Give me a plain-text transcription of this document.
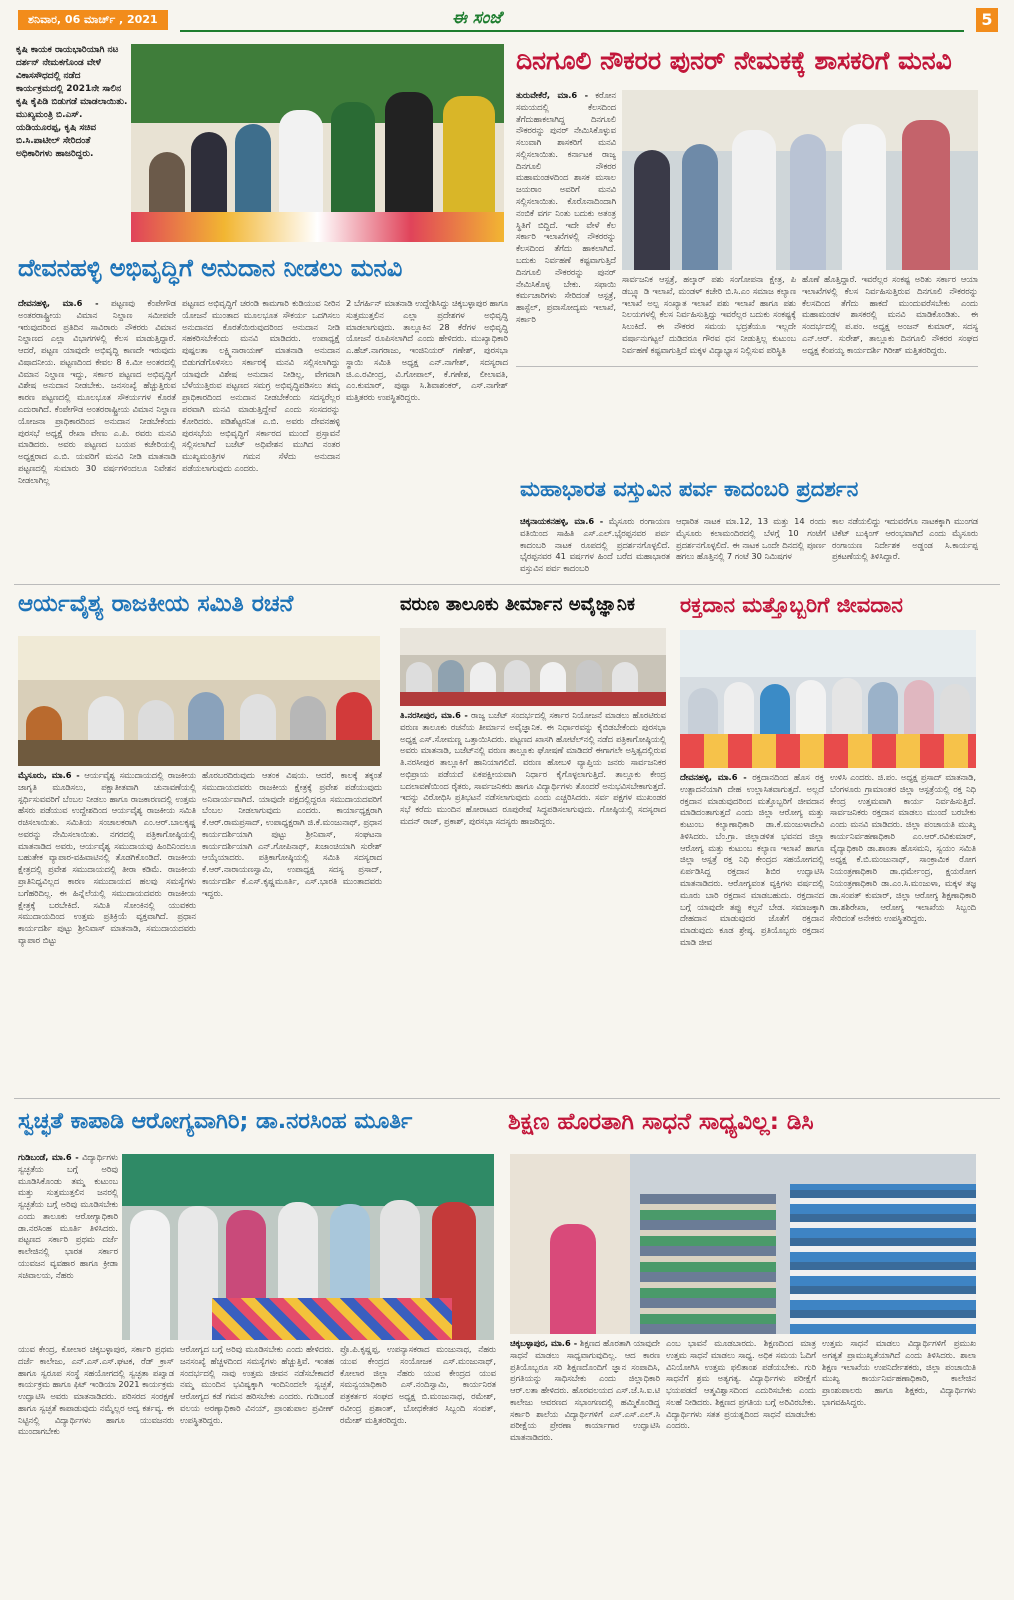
ಶನಿವಾರ, 06 ಮಾರ್ಚ್ , 2021	ಈ ಸಂಜೆ	5
ಕೃಷಿ ಕಾಯಕ ರಾಯಭಾರಿಯಾಗಿ ನಟ ದರ್ಶನ್ ನೇಮಕಗೊಂಡ ವೇಳೆ ವಿಕಾಸಸೌಧದಲ್ಲಿ ನಡೆದ ಕಾರ್ಯಕ್ರಮದಲ್ಲಿ 2021ನೇ ಸಾಲಿನ ಕೃಷಿ ಕೈಪಿಡಿ ಬಿಡುಗಡೆ ಮಾಡಲಾಯಿತು. ಮುಖ್ಯಮಂತ್ರಿ ಬಿ.ಎಸ್. ಯಡಿಯೂರಪ್ಪ, ಕೃಷಿ ಸಚಿವ ಬಿ.ಸಿ.ಪಾಟೀಲ್ ಸೇರಿದಂತೆ ಅಧಿಕಾರಿಗಳು ಹಾಜರಿದ್ದರು.
ದಿನಗೂಲಿ ನೌಕರರ ಪುನರ್ ನೇಮಕಕ್ಕೆ ಶಾಸಕರಿಗೆ ಮನವಿ
ತುರುವೇಕೆರೆ, ಮಾ.6 - ಕರೋನ ಸಮಯದಲ್ಲಿ ಕೆಲಸದಿಂದ ತೆಗೆದುಹಾಕಲಾಗಿದ್ದ ದಿನಗೂಲಿ ನೌಕರರನ್ನು ಪುನರ್ ನೇಮಿಸಿಕೊಳ್ಳುವ ಸಲುವಾಗಿ ಶಾಸಕರಿಗೆ ಮನವಿ ಸಲ್ಲಿಸಲಾಯಿತು. ಕರ್ನಾಟಕ ರಾಜ್ಯ ದಿನಗೂಲಿ ನೌಕರರ ಮಹಾಮಂಡಳದಿಂದ ಶಾಸಕ ಮಸಾಲ ಜಯರಾಂ ಅವರಿಗೆ ಮನವಿ ಸಲ್ಲಿಸಲಾಯಿತು. ಕೊರೊನಾದಿಂದಾಗಿ ನಂಬಿಕೆ ವರ್ಗ ನಿಂತು ಬದುಕು ಅತಂತ್ರ ಸ್ಥಿತಿಗೆ ಬಿದ್ದಿದೆ. ಇದೇ ವೇಳೆ ಕೆಲ ಸರ್ಕಾರಿ ಇಲಾಖೆಗಳಲ್ಲಿ ನೌಕರರನ್ನು ಕೆಲಸದಿಂದ ತೆಗೆದು ಹಾಕಲಾಗಿದೆ. ಬದುಕು ನಿರ್ವಹಣೆ ಕಷ್ಟವಾಗುತ್ತಿದೆ ದಿನಗೂಲಿ ನೌಕರರನ್ನು ಪುನರ್ ನೇಮಿಸಿಕೊಳ್ಳ ಬೇಕು. ಸಫಾಯಿ ಕರ್ಮಚಾರಿಗಳು ಸೇರಿದಂತೆ ಆಸ್ಪತ್ರೆ, ಹಾಸ್ಟೆಲ್, ಪ್ರವಾಸೋದ್ಯಮ ಇಲಾಖೆ, ಸರ್ಕಾರಿ
ಸಾರ್ವಜನಿಕ ಆಸ್ಪತ್ರೆ, ಹಲ್ಕಾರ್ ಪಶು ಸಂಗೋಪನಾ ಕ್ಷೇತ್ರ, ಪಿ ಡಬ್ಲ್ಯೂ ಡಿ ಇಲಾಖೆ, ಮಂಡಳ್ ಕಚೇರಿ ಬಿ.ಸಿ.ಎಂ ಸಮಾಜ ಕಲ್ಯಾಣ ಇಲಾಖೆ ಅಲ್ಪ ಸಂಖ್ಯಾತ ಇಲಾಖೆ ಪಶು ಇಲಾಖೆ ಹಾಗೂ ಪಶು ನಿಲಯಗಳಲ್ಲಿ ಕೆಲಸ ನಿರ್ವಹಿಸುತ್ತಿದ್ದು ಇವರೆಲ್ಲರ ಬದುಕು ಸಂಕಷ್ಟಕ್ಕೆ ಸಿಲುಕಿದೆ. ಈ ನೌಕರರ ಸಮಯ ಭದ್ರತೆಯೂ ಇಲ್ಲದೇ ವರ್ಷಾನುಗಟ್ಟಲೆ ದುಡಿದರೂ ಗೌರವ ಧನ ನೀಡುತ್ತಿಲ್ಲ ಕುಟುಂಬ ನಿರ್ವಹಣೆ ಕಷ್ಟವಾಗುತ್ತಿದೆ ಮಕ್ಕಳ ವಿದ್ಯಾಭ್ಯಾಸ ನಿಲ್ಲಿಸುವ ಪರಿಸ್ಥಿತಿ
ಹೊಣೆ ಹೊತ್ತಿದ್ದಾರೆ. ಇವರೆಲ್ಲರ ಸಂಕಷ್ಟ ಅರಿತು ಸರ್ಕಾರ ಆಯಾ ಇಲಾಖೆಗಳಲ್ಲಿ ಕೆಲಸ ನಿರ್ವಹಿಸುತ್ತಿರುವ ದಿನಗೂಲಿ ನೌಕರರನ್ನು ಕೆಲಸದಿಂದ ತೆಗೆದು ಹಾಕದೆ ಮುಂದುವರೆಸಬೇಕು ಎಂದು ಮಹಾಮಂಡಳ ಶಾಸಕರಲ್ಲಿ ಮನವಿ ಮಾಡಿಕೊಂಡಿತು. ಈ ಸಂದರ್ಭದಲ್ಲಿ ಪ.ಪಂ. ಅಧ್ಯಕ್ಷ ಅಂಜನ್ ಕುಮಾರ್, ಸದಸ್ಯ ಎನ್.ಆರ್. ಸುರೇಶ್, ತಾಲ್ಲೂಕು ದಿನಗೂಲಿ ನೌಕರರ ಸಂಘದ ಅಧ್ಯಕ್ಷ ಕೆಂಪಯ್ಯ ಕಾರ್ಯದರ್ಶಿ ಗಿರೀಶ್ ಮತ್ತಿತರರಿದ್ದರು.
ದೇವನಹಳ್ಳಿ ಅಭಿವೃದ್ಧಿಗೆ ಅನುದಾನ ನೀಡಲು ಮನವಿ
ದೇವನಹಳ್ಳಿ, ಮಾ.6 - ಪಟ್ಟಣವು ಕೆಂಪೇಗೌಡ ಅಂತರರಾಷ್ಟ್ರೀಯ ವಿಮಾನ ನಿಲ್ದಾಣ ಸಮೀಪವೇ ಇರುವುದರಿಂದ ಪ್ರತಿದಿನ ಸಾವಿರಾರು ನೌಕರರು ವಿಮಾನ ನಿಲ್ದಾಣದ ಎಲ್ಲಾ ವಿಭಾಗಗಳಲ್ಲಿ ಕೆಲಸ ಮಾಡುತ್ತಿದ್ದಾರೆ. ಆದರೆ, ಪಟ್ಟಣ ಯಾವುದೇ ಅಭಿವೃದ್ಧಿ ಕಾಣದೇ ಇರುವುದು ವಿಷಾದನೀಯ. ಪಟ್ಟಣದಿಂದ ಕೇವಲ 8 ಕಿ.ಮೀ ಅಂತರದಲ್ಲಿ ವಿಮಾನ ನಿಲ್ದಾಣ ಇದ್ದು, ಸರ್ಕಾರ ಪಟ್ಟಣದ ಅಭಿವೃದ್ಧಿಗೆ ವಿಶೇಷ ಅನುದಾನ ನೀಡಬೇಕು. ಜನಸಂಖ್ಯೆ ಹೆಚ್ಚುತ್ತಿರುವ ಕಾರಣ ಪಟ್ಟಣದಲ್ಲಿ ಮೂಲಭೂತ ಸೌಕರ್ಯಗಳ ಕೊರತೆ ಎದುರಾಗಿದೆ. ಕೆಂಪೇಗೌಡ ಅಂತರರಾಷ್ಟ್ರೀಯ ವಿಮಾನ ನಿಲ್ದಾಣ ಯೋಜನಾ ಪ್ರಾಧಿಕಾರದಿಂದ ಅನುದಾನ ನೀಡಬೇಕೆಂದು ಪುರಸಭೆ ಅಧ್ಯಕ್ಷೆ ರೇಖಾ ವೇಣು ಎ.ಪಿ. ರವರು ಮನವಿ ಮಾಡಿದರು. ಅವರು ಪಟ್ಟಣದ ಬಯಪ ಕಚೇರಿಯಲ್ಲಿ ಅಧ್ಯಕ್ಷರಾದ ಎ.ಬಿ. ಯವರಿಗೆ ಮನವಿ ನೀಡಿ ಮಾತನಾಡಿ ಪಟ್ಟಣದಲ್ಲಿ ಸುಮಾರು 30 ವರ್ಷಗಳಿಂದಲೂ ನಿವೇಶನ ನೀಡಲಾಗಿಲ್ಲ
ಪಟ್ಟಣದ ಅಭಿವೃದ್ಧಿಗೆ ಚರಂಡಿ ಕಾಮಗಾರಿ ಕುಡಿಯುವ ನೀರಿನ ಯೋಜನೆ ಮುಂತಾದ ಮೂಲಭೂತ ಸೌಕರ್ಯ ಒದಗಿಸಲು ಅನುದಾನದ ಕೊರತೆಯಿರುವುದರಿಂದ ಅನುದಾನ ನೀಡಿ ಸಹಕರಿಸಬೇಕೆಂದು ಮನವಿ ಮಾಡಿದರು. ಉಪಾಧ್ಯಕ್ಷೆ ಪುಷ್ಪಲತಾ ಲಕ್ಷ್ಮಿನಾರಾಯಣ್ ಮಾತನಾಡಿ ಅನುದಾನ ಬಿಡುಗಡೆಗೊಳಿಸಲು ಸರ್ಕಾರಕ್ಕೆ ಮನವಿ ಸಲ್ಲಿಸಲಾಗಿದ್ದು ಯಾವುದೇ ವಿಶೇಷ ಅನುದಾನ ನೀಡಿಲ್ಲ, ವೇಗವಾಗಿ ಬೆಳೆಯುತ್ತಿರುವ ಪಟ್ಟಣದ ಸಮಗ್ರ ಅಭಿವೃದ್ಧಿಪಡಿಸಲು ತಮ್ಮ ಪ್ರಾಧಿಕಾರದಿಂದ ಅನುದಾನ ನೀಡಬೇಕೆಂದು ಸದಸ್ಯರೆಲ್ಲರ ಪರವಾಗಿ ಮನವಿ ಮಾಡುತ್ತಿದ್ದೇವೆ ಎಂದು ಸಂಸದರನ್ನು ಕೋರಿದರು. ಪಡಿಶೆಟ್ಟರನಿತ ಎ.ಬಿ. ಅವರು ದೇವನಹಳ್ಳಿ ಪುರಸಭೆಯ ಅಭಿವೃದ್ಧಿಗೆ ಸರ್ಕಾರದ ಮುಂದೆ ಪ್ರಸ್ತಾವನೆ ಸಲ್ಲಿಸಲಾಗಿದೆ ಬಜೆಟ್ ಅಧಿವೇಶನ ಮುಗಿದ ನಂತರ ಮುಖ್ಯಮಂತ್ರಿಗಳ ಗಮನ ಸೆಳೆದು ಅನುದಾನ ಪಡೆಯಲಾಗುವುದು ಎಂದರು.
2 ಬೆಗರ್ಹಿನ್ ಮಾತನಾಡಿ ಉದ್ದೇಶಿಸಿದ್ದು ಚಿಕ್ಕಬಳ್ಳಾಪುರ ಹಾಗೂ ಸುತ್ತಮುತ್ತಲಿನ ಎಲ್ಲಾ ಪ್ರದೇಶಗಳ ಅಭಿವೃದ್ಧಿ ಮಾಡಲಾಗುವುದು. ತಾಲ್ಲೂಕಿನ 28 ಕೆರೆಗಳ ಅಭಿವೃದ್ಧಿ ಯೋಜನೆ ರೂಪಿಸಲಾಗಿದೆ ಎಂದು ಹೇಳಿದರು. ಮುಖ್ಯಾಧಿಕಾರಿ ಎ.ಹೆಚ್.ನಾಗರಾಜು, ಇಂಜಿನಿಯರ್ ಗಣೇಶ್, ಪುರಸಭಾ ಸ್ಥಾಯಿ ಸಮಿತಿ ಅಧ್ಯಕ್ಷ ಎನ್.ನಾಗೇಶ್, ಸದಸ್ಯರಾದ ಜಿ.ಎ.ರವೀಂದ್ರ, ವಿ.ಗೋಪಾಲ್, ಕೆ.ಗಣೇಶ, ಲೀಲಾವತಿ, ಎಂ.ಕುಮಾರ್, ಪುಷ್ಪಾ ಸಿ.ಶಿವಾಶಂಕರ್, ಎಸ್.ನಾಗೇಶ್ ಮತ್ತಿತರರು ಉಪಸ್ಥಿತರಿದ್ದರು.
ಮಹಾಭಾರತ ವಸ್ತುವಿನ ಪರ್ವ ಕಾದಂಬರಿ ಪ್ರದರ್ಶನ
ಚಿಕ್ಕನಾಯಕನಹಳ್ಳಿ, ಮಾ.6 - ಮೈಸೂರು ರಂಗಾಯಣ ವತಿಯಿಂದ ಸಾಹಿತಿ ಎಸ್.ಎಲ್.ಭೈರಪ್ಪನವರ ಪರ್ವ ಕಾದಂಬರಿ ನಾಟಕ ರೂಪದಲ್ಲಿ ಪ್ರದರ್ಶನಗೊಳ್ಳಲಿದೆ. ಭೈರಪ್ಪನವರ 41 ವರ್ಷಗಳ ಹಿಂದೆ ಬರೆದ ಮಹಾಭಾರತ ವಸ್ತುವಿನ ಪರ್ವ ಕಾದಂಬರಿ
ಆಧಾರಿತ ನಾಟಕ ಮಾ.12, 13 ಮತ್ತು 14 ರಂದು ಮೈಸೂರು ಕಲಾಮಂದಿರದಲ್ಲಿ ಬೆಳಗ್ಗೆ 10 ಗಂಟೆಗೆ ಪ್ರದರ್ಶನಗೊಳ್ಳಲಿದೆ. ಈ ನಾಟಕ ಒಂದೇ ದಿನದಲ್ಲಿ ಪೂರ್ಣ ಹಗಲು ಹೊತ್ತಿನಲ್ಲಿ 7 ಗಂಟೆ 30 ನಿಮಿಷಗಳ
ಕಾಲ ನಡೆಯಲಿದ್ದು ಇದುವರೆಗೂ ನಾಟಕಕ್ಕಾಗಿ ಮುಂಗಡ ಟಿಕೆಟ್ ಬುಕ್ಕಿಂಗ್ ಆರಂಭವಾಗಿದೆ ಎಂದು ಮೈಸೂರು ರಂಗಾಯಣ ನಿರ್ದೇಶಕ ಅಡ್ಡಂಡ ಸಿ.ಕಾರ್ಯಪ್ಪ ಪ್ರಕಟಣೆಯಲ್ಲಿ ತಿಳಿಸಿದ್ದಾರೆ.
ಆರ್ಯವೈಶ್ಯ ರಾಜಕೀಯ ಸಮಿತಿ ರಚನೆ
ಮೈಸೂರು, ಮಾ.6 - ಆರ್ಯವೈಶ್ಯ ಸಮುದಾಯದಲ್ಲಿ ರಾಜಕೀಯ ಜಾಗೃತಿ ಮೂಡಿಸಲು, ಪಕ್ಷಾತೀತವಾಗಿ ಚುನಾವಣೆಯಲ್ಲಿ ಸ್ಪರ್ಧಿಸುವವರಿಗೆ ಬೆಂಬಲ ನೀಡಲು ಹಾಗೂ ರಾಜಕಾರಣದಲ್ಲಿ ಉತ್ತಮ ಹೆಸರು ಪಡೆಯುವ ಉದ್ದೇಶದಿಂದ ಆರ್ಯವೈಶ್ಯ ರಾಜಕೀಯ ಸಮಿತಿ ರಚಿಸಲಾಯಿತು. ಸಮಿತಿಯ ಸಂಚಾಲಕರಾಗಿ ಎಂ.ಆರ್.ಬಾಲಕೃಷ್ಣ ಅವರನ್ನು ನೇಮಿಸಲಾಯಿತು. ನಗರದಲ್ಲಿ ಪತ್ರಿಕಾಗೋಷ್ಠಿಯಲ್ಲಿ ಮಾತನಾಡಿದ ಅವರು, ಆರ್ಯವೈಶ್ಯ ಸಮುದಾಯವು ಹಿಂದಿನಿಂದಲೂ ಬಹುತೇಕ ವ್ಯಾಪಾರ-ವಹಿವಾಟಿನಲ್ಲಿ ತೊಡಗಿಕೊಂಡಿದೆ. ರಾಜಕೀಯ ಕ್ಷೇತ್ರದಲ್ಲಿ ಪ್ರವೇಶ ಸಮುದಾಯದಲ್ಲಿ ತೀರಾ ಕಡಿಮೆ. ರಾಜಕೀಯ ಪ್ರಾತಿನಿಧ್ಯವಿಲ್ಲದ ಕಾರಣ ಸಮುದಾಯದ ಹಲವು ಸಮಸ್ಯೆಗಳು ಬಗೆಹರಿದಿಲ್ಲ. ಈ ಹಿನ್ನೆಲೆಯಲ್ಲಿ ಸಮುದಾಯದವರು ರಾಜಕೀಯ ಕ್ಷೇತ್ರಕ್ಕೆ ಬರಬೇಕಿದೆ. ಸಮಿತಿ ಸೋಂಕಿನಲ್ಲಿ ಯುವಕರು ಸಮುದಾಯದಿಂದ ಉತ್ತಮ ಪ್ರತಿಕ್ರಿಯೆ ವ್ಯಕ್ತವಾಗಿದೆ. ಪ್ರಧಾನ ಕಾರ್ಯದರ್ಶಿ ಪುಟ್ಟು ಶ್ರೀನಿವಾಸ್ ಮಾತನಾಡಿ, ಸಮುದಾಯದವರು ವ್ಯಾಪಾರ ಬಿಟ್ಟು
ಹೊರಬರದಿರುವುದು ಆತಂಕ ವಿಷಯ. ಆದರೆ, ಕಾಲಕ್ಕೆ ತಕ್ಕಂತೆ ಸಮುದಾಯದವರು ರಾಜಕೀಯ ಕ್ಷೇತ್ರಕ್ಕೆ ಪ್ರವೇಶ ಪಡೆಯುವುದು ಅನಿವಾರ್ಯವಾಗಿದೆ. ಯಾವುದೇ ಪಕ್ಷದಲ್ಲಿದ್ದರೂ ಸಮುದಾಯದವರಿಗೆ ಬೆಂಬಲ ನೀಡಲಾಗುವುದು ಎಂದರು. ಕಾರ್ಯಾಧ್ಯಕ್ಷರಾಗಿ ಕೆ.ಆರ್.ರಾಮಪ್ರಸಾದ್, ಉಪಾಧ್ಯಕ್ಷರಾಗಿ ಜಿ.ಕೆ.ಮಂಜುನಾಥ್, ಪ್ರಧಾನ ಕಾರ್ಯದರ್ಶಿಯಾಗಿ ಪುಟ್ಟು ಶ್ರೀನಿವಾಸ್, ಸಂಘಟನಾ ಕಾರ್ಯದರ್ಶಿಯಾಗಿ ಎನ್.ಗೋಪಿನಾಥ್, ಖಜಾಂಚಿಯಾಗಿ ಸುರೇಶ್ ಆಯ್ಕೆಯಾದರು. ಪತ್ರಿಕಾಗೋಷ್ಠಿಯಲ್ಲಿ ಸಮಿತಿ ಸದಸ್ಯರಾದ ಕೆ.ಆರ್.ನಾರಾಯಣಸ್ವಾಮಿ, ಉಪಾಧ್ಯಕ್ಷ ಸದಸ್ಯ ಪ್ರಸಾದ್, ಕಾರ್ಯದರ್ಶಿ ಕೆ.ಎಸ್.ಕೃಷ್ಣಮೂರ್ತಿ, ಎಸ್.ಭಾರತಿ ಮುಂತಾದವರು ಇದ್ದರು.
ವರುಣ ತಾಲೂಕು ತೀರ್ಮಾನ ಅವೈಜ್ಞಾನಿಕ
ತಿ.ನರಸೀಪುರ, ಮಾ.6 - ರಾಜ್ಯ ಬಜೆಟ್ ಸಂದರ್ಭದಲ್ಲಿ ಸರ್ಕಾರ ನಿಯೋಜನೆ ಮಾಡಲು ಹೊರಟಿರುವ ವರುಣ ತಾಲೂಕು ರಚನೆಯ ತೀರ್ಮಾನ ಅವೈಜ್ಞಾನಿಕ. ಈ ನಿರ್ಧಾರವನ್ನು ಕೈಬಿಡಬೇಕೆಂದು ಪುರಸಭಾ ಅಧ್ಯಕ್ಷ ಎಸ್.ಸೋಮಣ್ಣ ಒತ್ತಾಯಿಸಿದರು. ಪಟ್ಟಣದ ಖಾಸಗಿ ಹೋಟೆಲ್‌ನಲ್ಲಿ ನಡೆದ ಪತ್ರಿಕಾಗೋಷ್ಠಿಯಲ್ಲಿ ಅವರು ಮಾತನಾಡಿ, ಬಜೆಟ್‌ನಲ್ಲಿ ವರುಣ ತಾಲ್ಲೂಕು ಘೋಷಣೆ ಮಾಡಿದರೆ ಈಗಾಗಲೇ ಅಸ್ತಿತ್ವದಲ್ಲಿರುವ ತಿ.ನರಸೀಪುರ ತಾಲ್ಲೂಕಿಗೆ ಹಾನಿಯಾಗಲಿದೆ. ವರುಣ ಹೋಬಳಿ ವ್ಯಾಪ್ತಿಯ ಜನರು ಸಾರ್ವಜನಿಕರ ಅಭಿಪ್ರಾಯ ಪಡೆಯದೆ ಏಕಪಕ್ಷೀಯವಾಗಿ ನಿರ್ಧಾರ ಕೈಗೊಳ್ಳಲಾಗುತ್ತಿದೆ. ತಾಲ್ಲೂಕು ಕೇಂದ್ರ ಬದಲಾವಣೆಯಿಂದ ರೈತರು, ಸಾರ್ವಜನಿಕರು ಹಾಗೂ ವಿದ್ಯಾರ್ಥಿಗಳು ತೊಂದರೆ ಅನುಭವಿಸಬೇಕಾಗುತ್ತದೆ. ಇದನ್ನು ವಿರೋಧಿಸಿ ಪ್ರತಿಭಟನೆ ನಡೆಸಲಾಗುವುದು ಎಂದು ಎಚ್ಚರಿಸಿದರು. ಸರ್ವ ಪಕ್ಷಗಳ ಮುಖಂಡರ ಸಭೆ ಕರೆದು ಮುಂದಿನ ಹೋರಾಟದ ರೂಪುರೇಷೆ ಸಿದ್ಧಪಡಿಸಲಾಗುವುದು. ಗೋಷ್ಠಿಯಲ್ಲಿ ಸದಸ್ಯರಾದ ಮದನ್ ರಾಜ್, ಪ್ರಕಾಶ್, ಪುರಸಭಾ ಸದಸ್ಯರು ಹಾಜರಿದ್ದರು.
ರಕ್ತದಾನ ಮತ್ತೊಬ್ಬರಿಗೆ ಜೀವದಾನ
ದೇವನಹಳ್ಳಿ, ಮಾ.6 - ರಕ್ತದಾನದಿಂದ ಹೊಸ ರಕ್ತ ಉತ್ಪಾದನೆಯಾಗಿ ದೇಹ ಉಲ್ಲಾಸಿತವಾಗುತ್ತದೆ. ಅಲ್ಲದೆ ರಕ್ತದಾನ ಮಾಡುವುದರಿಂದ ಮತ್ತೊಬ್ಬರಿಗೆ ಜೀವದಾನ ಮಾಡಿದಂತಾಗುತ್ತದೆ ಎಂದು ಜಿಲ್ಲಾ ಆರೋಗ್ಯ ಮತ್ತು ಕುಟುಂಬ ಕಲ್ಯಾಣಾಧಿಕಾರಿ ಡಾ.ಕೆ.ಮಂಜುಳಾದೇವಿ ತಿಳಿಸಿದರು. ಬೆಂ.ಗ್ರಾ. ಜಿಲ್ಲಾಡಳಿತ ಭವನದ ಜಿಲ್ಲಾ ಆರೋಗ್ಯ ಮತ್ತು ಕುಟುಂಬ ಕಲ್ಯಾಣ ಇಲಾಖೆ ಹಾಗೂ ಜಿಲ್ಲಾ ಆಸ್ಪತ್ರೆ ರಕ್ತ ನಿಧಿ ಕೇಂದ್ರದ ಸಹಯೋಗದಲ್ಲಿ ಏರ್ಪಡಿಸಿದ್ದ ರಕ್ತದಾನ ಶಿಬಿರ ಉದ್ಘಾಟಿಸಿ ಮಾತನಾಡಿದರು. ಆರೋಗ್ಯವಂತ ವ್ಯಕ್ತಿಗಳು ವರ್ಷದಲ್ಲಿ ಮೂರು ಬಾರಿ ರಕ್ತದಾನ ಮಾಡಬಹುದು. ರಕ್ತದಾನದ ಬಗ್ಗೆ ಯಾವುದೇ ತಪ್ಪು ಕಲ್ಪನೆ ಬೇಡ. ಸಮಾಜಕ್ಕಾಗಿ ದೇಹದಾನ ಮಾಡುವುದರ ಜೊತೆಗೆ ರಕ್ತದಾನ ಮಾಡುವುದು ಕೂಡ ಶ್ರೇಷ್ಠ. ಪ್ರತಿಯೊಬ್ಬರು ರಕ್ತದಾನ ಮಾಡಿ ಜೀವ
ಉಳಿಸಿ ಎಂದರು. ಜಿ.ಪಂ. ಅಧ್ಯಕ್ಷ ಪ್ರಸಾದ್ ಮಾತನಾಡಿ, ಬೆಂಗಳೂರು ಗ್ರಾಮಾಂತರ ಜಿಲ್ಲಾ ಆಸ್ಪತ್ರೆಯಲ್ಲಿ ರಕ್ತ ನಿಧಿ ಕೇಂದ್ರ ಉತ್ತಮವಾಗಿ ಕಾರ್ಯ ನಿರ್ವಹಿಸುತ್ತಿದೆ. ಸಾರ್ವಜನಿಕರು ರಕ್ತದಾನ ಮಾಡಲು ಮುಂದೆ ಬರಬೇಕು ಎಂದು ಮನವಿ ಮಾಡಿದರು. ಜಿಲ್ಲಾ ಪಂಚಾಯತಿ ಮುಖ್ಯ ಕಾರ್ಯನಿರ್ವಹಣಾಧಿಕಾರಿ ಎಂ.ಆರ್.ರವಿಕುಮಾರ್, ವೈದ್ಯಾಧಿಕಾರಿ ಡಾ.ಶಾಂತಾ ಹೊಸಮನಿ, ಸ್ವಯಂ ಸಮಿತಿ ಅಧ್ಯಕ್ಷ ಕೆ.ಬಿ.ಮಂಜುನಾಥ್, ಸಾಂಕ್ರಾಮಿಕ ರೋಗ ನಿಯಂತ್ರಣಾಧಿಕಾರಿ ಡಾ.ಧರ್ಮೇಂದ್ರ, ಕ್ಷಯರೋಗ ನಿಯಂತ್ರಣಾಧಿಕಾರಿ ಡಾ.ಎಂ.ಸಿ.ಮಂಜುಳಾ, ಮಕ್ಕಳ ತಜ್ಞ ಡಾ.ಸಂಪತ್ ಕುಮಾರ್, ಜಿಲ್ಲಾ ಆರೋಗ್ಯ ಶಿಕ್ಷಣಾಧಿಕಾರಿ ಡಾ.ಶಶಿರೇಖಾ, ಆರೋಗ್ಯ ಇಲಾಖೆಯ ಸಿಬ್ಬಂದಿ ಸೇರಿದಂತೆ ಅನೇಕರು ಉಪಸ್ಥಿತರಿದ್ದರು.
ಸ್ವಚ್ಛತೆ ಕಾಪಾಡಿ ಆರೋಗ್ಯವಾಗಿರಿ; ಡಾ.ನರಸಿಂಹ ಮೂರ್ತಿ
ಗುಡಿಬಂಡೆ, ಮಾ.6 - ವಿದ್ಯಾರ್ಥಿಗಳು ಸ್ವಚ್ಛತೆಯ ಬಗ್ಗೆ ಅರಿವು ಮೂಡಿಸಿಕೊಂಡು ತಮ್ಮ ಕುಟುಂಬ ಮತ್ತು ಸುತ್ತಮುತ್ತಲಿನ ಜನರಲ್ಲಿ ಸ್ವಚ್ಛತೆಯ ಬಗ್ಗೆ ಅರಿವು ಮೂಡಿಸಬೇಕು ಎಂದು ತಾಲೂಕು ಆರೋಗ್ಯಾಧಿಕಾರಿ ಡಾ.ನರಸಿಂಹ ಮೂರ್ತಿ ತಿಳಿಸಿದರು. ಪಟ್ಟಣದ ಸರ್ಕಾರಿ ಪ್ರಥಮ ದರ್ಜೆ ಕಾಲೇಜಿನಲ್ಲಿ ಭಾರತ ಸರ್ಕಾರ ಯುವಜನ ವ್ಯವಹಾರ ಹಾಗೂ ಕ್ರೀಡಾ ಸಚಿವಾಲಯ, ನೆಹರು
ಯುವ ಕೇಂದ್ರ, ಕೋಲಾರ ಚಿಕ್ಕಬಳ್ಳಾಪುರ, ಸರ್ಕಾರಿ ಪ್ರಥಮ ದರ್ಜೆ ಕಾಲೇಜು, ಎನ್.ಎಸ್.ಎಸ್.ಘಟಕ, ರೆಡ್ ಕ್ರಾಸ್ ಹಾಗೂ ಸ್ವರೂಪ ಸಂಸ್ಥೆ ಸಹಯೋಗದಲ್ಲಿ ಸ್ವಚ್ಛತಾ ಪಖ್ವಾಡ ಕಾರ್ಯಕ್ರಮ ಹಾಗೂ ಫಿಟ್ ಇಂಡಿಯಾ 2021 ಕಾರ್ಯಕ್ರಮ ಉದ್ಘಾಟಿಸಿ ಅವರು ಮಾತನಾಡಿದರು. ಪರಿಸರದ ಸಂರಕ್ಷಣೆ ಹಾಗೂ ಸ್ವಚ್ಛತೆ ಕಾಪಾಡುವುದು ನಮ್ಮೆಲ್ಲರ ಆದ್ಯ ಕರ್ತವ್ಯ. ಈ ನಿಟ್ಟಿನಲ್ಲಿ ವಿದ್ಯಾರ್ಥಿಗಳು ಹಾಗೂ ಯುವಜನರು ಮುಂದಾಗಬೇಕು
ಆರೋಗ್ಯದ ಬಗ್ಗೆ ಅರಿವು ಮೂಡಿಸಬೇಕು ಎಂದು ಹೇಳಿದರು. ಜನಸಂಖ್ಯೆ ಹೆಚ್ಚಳದಿಂದ ಸಮಸ್ಯೆಗಳು ಹೆಚ್ಚುತ್ತಿವೆ. ಇಂತಹ ಸಂದರ್ಭದಲ್ಲಿ ನಾವು ಉತ್ತಮ ಜೀವನ ನಡೆಸಬೇಕಾದರೆ ನಮ್ಮ ಮುಂದಿನ ಭವಿಷ್ಯಕ್ಕಾಗಿ ಇಂದಿನಿಂದಲೇ ಸ್ವಚ್ಛತೆ, ಆರೋಗ್ಯದ ಕಡೆ ಗಮನ ಹರಿಸಬೇಕು ಎಂದರು. ಗುಡಿಬಂಡೆ ವಲಯ ಅರಣ್ಯಾಧಿಕಾರಿ ವಿನಯ್, ಪ್ರಾಂಶುಪಾಲ ಪ್ರವೀಣ್ ಉಪಸ್ಥಿತರಿದ್ದರು.
ಪ್ರೊ.ಪಿ.ಕೃಷ್ಣಪ್ಪ, ಉಪನ್ಯಾಸಕರಾದ ಮಂಜುನಾಥ, ನೆಹರು ಯುವ ಕೇಂದ್ರದ ಸಂಯೋಜಕ ಎಸ್.ಮಂಜುನಾಥ್, ಕೋಲಾರ ಜಿಲ್ಲಾ ನೆಹರು ಯುವ ಕೇಂದ್ರದ ಯುವ ಸಮನ್ವಯಾಧಿಕಾರಿ ಎಸ್.ನಂದಿಸ್ವಾಮಿ, ಕಾರ್ಯನಿರತ ಪತ್ರಕರ್ತರ ಸಂಘದ ಅಧ್ಯಕ್ಷ ಬಿ.ಮಂಜುನಾಥ, ರಮೇಶ್, ರವೀಂದ್ರ ಪ್ರಶಾಂತ್, ಬೋಧಕೇತರ ಸಿಬ್ಬಂದಿ ಸಂಪತ್, ರಮೇಶ್ ಮತ್ತಿತರರಿದ್ದರು.
ಶಿಕ್ಷಣ ಹೊರತಾಗಿ ಸಾಧನೆ ಸಾಧ್ಯವಿಲ್ಲ: ಡಿಸಿ
ಚಿಕ್ಕಬಳ್ಳಾಪುರ, ಮಾ.6 - ಶಿಕ್ಷಣದ ಹೊರತಾಗಿ ಯಾವುದೇ ಸಾಧನೆ ಮಾಡಲು ಸಾಧ್ಯವಾಗುವುದಿಲ್ಲ. ಆದ ಕಾರಣ ಪ್ರತಿಯೊಬ್ಬರೂ ಸರಿ ಶಿಕ್ಷಣದೊಂದಿಗೆ ಜ್ಞಾನ ಸಂಪಾದಿಸಿ, ಪ್ರಗತಿಯನ್ನು ಸಾಧಿಸಬೇಕು ಎಂದು ಜಿಲ್ಲಾಧಿಕಾರಿ ಆರ್.ಲತಾ ಹೇಳಿದರು. ಹೊರವಲಯದ ಎಸ್.ಜೆ.ಸಿ.ಐ.ಟಿ ಕಾಲೇಜು ಆವರಣದ ಸಭಾಂಗಣದಲ್ಲಿ ಹಮ್ಮಿಕೊಂಡಿದ್ದ ಸರ್ಕಾರಿ ಶಾಲೆಯ ವಿದ್ಯಾರ್ಥಿಗಳಿಗೆ ಎಸ್.ಎಸ್.ಎಲ್.ಸಿ ಪರೀಕ್ಷೆಯ ಪ್ರೇರಣಾ ಕಾರ್ಯಾಗಾರ ಉದ್ಘಾಟಿಸಿ ಮಾತನಾಡಿದರು.
ಎಂಬ ಭಾವನೆ ಮೂಡಬಾರದು. ಶಿಕ್ಷಣದಿಂದ ಮಾತ್ರ ಉತ್ತಮ ಸಾಧನೆ ಮಾಡಲು ಸಾಧ್ಯ. ಅಧಿಕ ಸಮಯ ಓದಿಗೆ ವಿನಿಯೋಗಿಸಿ ಉತ್ತಮ ಫಲಿತಾಂಶ ಪಡೆಯಬೇಕು. ಗುರಿ ಸಾಧನೆಗೆ ಶ್ರಮ ಅತ್ಯಗತ್ಯ. ವಿದ್ಯಾರ್ಥಿಗಳು ಪರೀಕ್ಷೆಗೆ ಭಯಪಡದೆ ಆತ್ಮವಿಶ್ವಾಸದಿಂದ ಎದುರಿಸಬೇಕು ಎಂದು ಸಲಹೆ ನೀಡಿದರು. ಶಿಕ್ಷಣದ ಪ್ರಗತಿಯ ಬಗ್ಗೆ ಅರಿವಿರಬೇಕು. ವಿದ್ಯಾರ್ಥಿಗಳು ಸತತ ಪ್ರಯತ್ನದಿಂದ ಸಾಧನೆ ಮಾಡಬೇಕು ಎಂದರು.
ಉತ್ತಮ ಸಾಧನೆ ಮಾಡಲು ವಿದ್ಯಾರ್ಥಿಗಳಿಗೆ ಪ್ರಮುಖ ಅಗತ್ಯತೆ ಪ್ರಾಮುಖ್ಯತೆಯಾಗಿದೆ ಎಂದು ತಿಳಿಸಿದರು. ಶಾಲಾ ಶಿಕ್ಷಣ ಇಲಾಖೆಯ ಉಪನಿರ್ದೇಶಕರು, ಜಿಲ್ಲಾ ಪಂಚಾಯಿತಿ ಮುಖ್ಯ ಕಾರ್ಯನಿರ್ವಹಣಾಧಿಕಾರಿ, ಕಾಲೇಜಿನ ಪ್ರಾಂಶುಪಾಲರು ಹಾಗೂ ಶಿಕ್ಷಕರು, ವಿದ್ಯಾರ್ಥಿಗಳು ಭಾಗವಹಿಸಿದ್ದರು.
